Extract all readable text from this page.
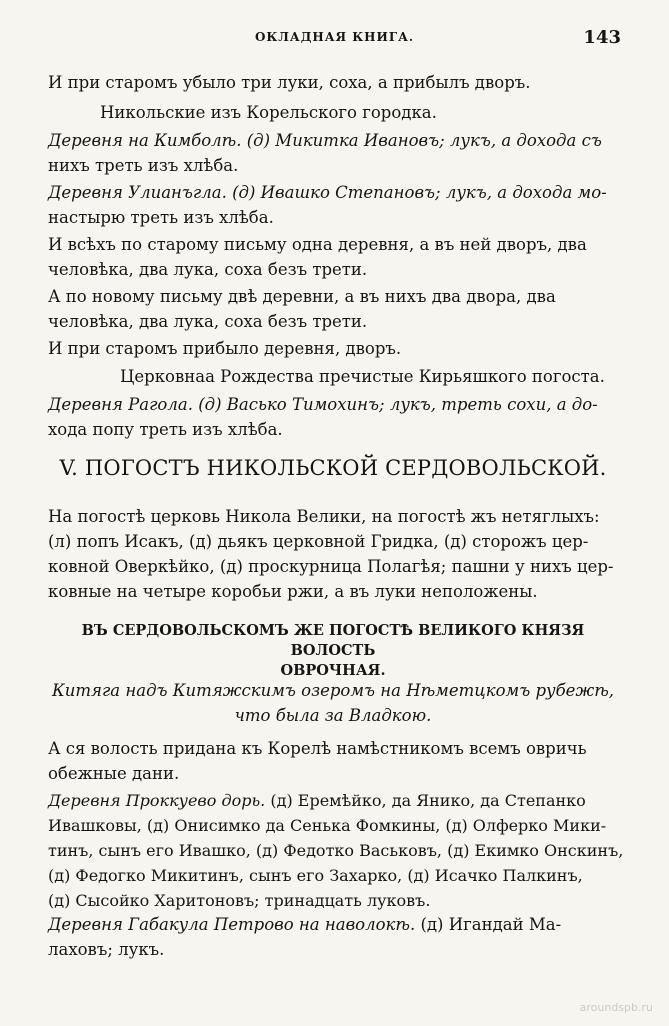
ОКЛАДНАЯ КНИГА.	143
И при старомъ убыло три луки, соха, а прибылъ дворъ.
Никольские изъ Корельского городка.
Деревня на Кимболѣ. (д) Микитка Ивановъ; лукъ, а дохода съ
нихъ треть изъ хлѣба.
Деревня Улианъгла. (д) Ивашко Степановъ; лукъ, а дохода мо-
настырю треть изъ хлѣба.
И всѣхъ по старому письму одна деревня, а въ ней дворъ, два
человѣка, два лука, соха безъ трети.
А по новому письму двѣ деревни, а въ нихъ два двора, два
человѣка, два лука, соха безъ трети.
И при старомъ прибыло деревня, дворъ.
Церковнаа Рождества пречистые Кирьяшкого погоста.
Деревня Рагола. (д) Васько Тимохинъ; лукъ, треть сохи, а до-
хода попу треть изъ хлѣба.
V. ПОГОСТЪ НИКОЛЬСКОЙ СЕРДОВОЛЬСКОЙ.
На погостѣ церковь Никола Велики, на погостѣ жъ нетяглыхъ:
(л) попъ Исакъ, (д) дьякъ церковной Гридка, (д) сторожъ цер-
ковной Оверкѣйко, (д) проскурница Полагѣя; пашни у нихъ цер-
ковные на четыре коробьи ржи, а въ луки неположены.
ВЪ СЕРДОВОЛЬСКОМЪ ЖЕ ПОГОСТѢ ВЕЛИКОГО КНЯЗЯ ВОЛОСТЬ
ОВРОЧНАЯ.
Китяга надъ Китяжскимъ озеромъ на Нѣметцкомъ рубежѣ,
что была за Владкою.
А ся волость придана къ Корелѣ намѣстникомъ всемъ овричь
обежные дани.
Деревня Проккуево дорь. (д) Еремѣйко, да Янико, да Степанко
Ивашковы, (д) Онисимко да Сенька Фомкины, (д) Олферко Мики-
тинъ, сынъ его Ивашко, (д) Федотко Васьковъ, (д) Екимко Онскинъ,
(д) Федогко Микитинъ, сынъ его Захарко, (д) Исачко Палкинъ,
(д) Сысойко Харитоновъ; тринадцать луковъ.
Деревня Габакула Петрово на наволокѣ. (д) Игандай Ма-
лаховъ; лукъ.
aroundspb.ru
